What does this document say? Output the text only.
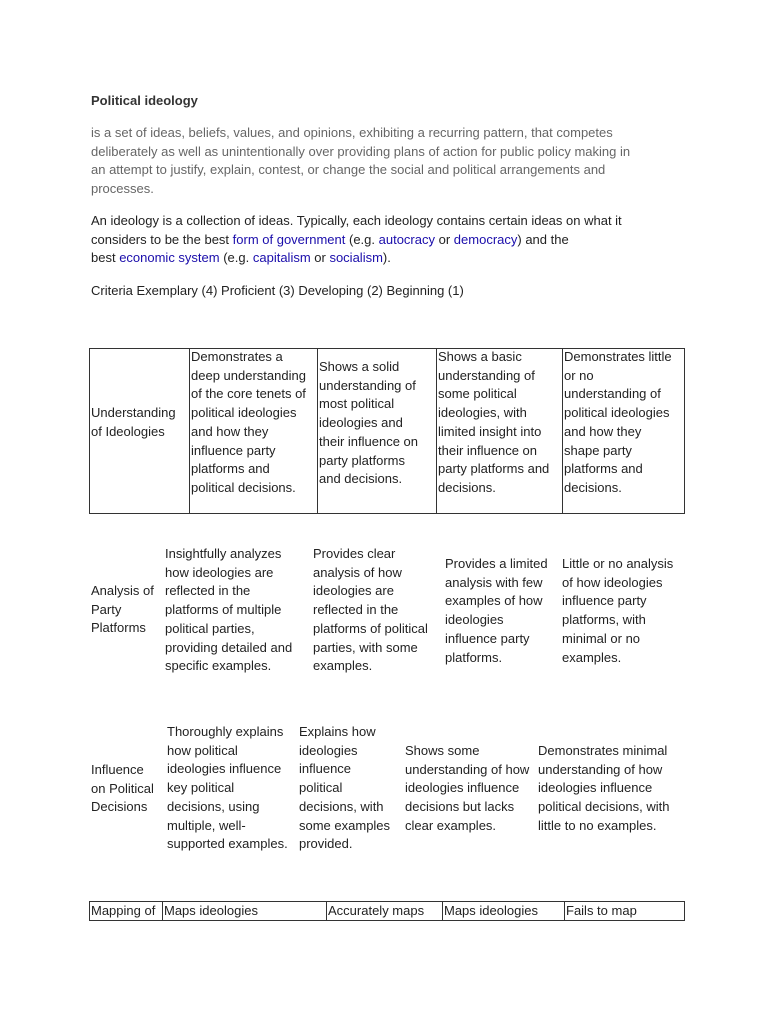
Political ideology

is a set of ideas, beliefs, values, and opinions, exhibiting a recurring pattern, that competes
deliberately as well as unintentionally over providing plans of action for public policy making in
an attempt to justify, explain, contest, or change the social and political arrangements and
processes.

An ideology is a collection of ideas. Typically, each ideology contains certain ideas on what it
considers to be the best form of government (e.g. autocracy or democracy) and the
best economic system (e.g. capitalism or socialism).

Criteria Exemplary (4) Proficient (3) Developing (2) Beginning (1)

Understanding
of Ideologies

Demonstrates a
deep understanding
of the core tenets of
political ideologies
and how they
influence party
platforms and
political decisions.

Shows a solid
understanding of
most political
ideologies and
their influence on
party platforms
and decisions.

Shows a basic
understanding of
some political
ideologies, with
limited insight into
their influence on
party platforms and
decisions.

Demonstrates little
or no
understanding of
political ideologies
and how they
shape party
platforms and
decisions.

Analysis of
Party
Platforms

Insightfully analyzes
how ideologies are
reflected in the
platforms of multiple
political parties,
providing detailed and
specific examples.

Provides clear
analysis of how
ideologies are
reflected in the
platforms of political
parties, with some
examples.

Provides a limited
analysis with few
examples of how
ideologies
influence party
platforms.

Little or no analysis
of how ideologies
influence party
platforms, with
minimal or no
examples.

Influence
on Political
Decisions

Thoroughly explains
how political
ideologies influence
key political
decisions, using
multiple, well-
supported examples.

Explains how
ideologies
influence
political
decisions, with
some examples
provided.

Shows some
understanding of how
ideologies influence
decisions but lacks
clear examples.

Demonstrates minimal
understanding of how
ideologies influence
political decisions, with
little to no examples.

Mapping of Maps ideologies	Accurately maps Maps ideologies Fails to map
